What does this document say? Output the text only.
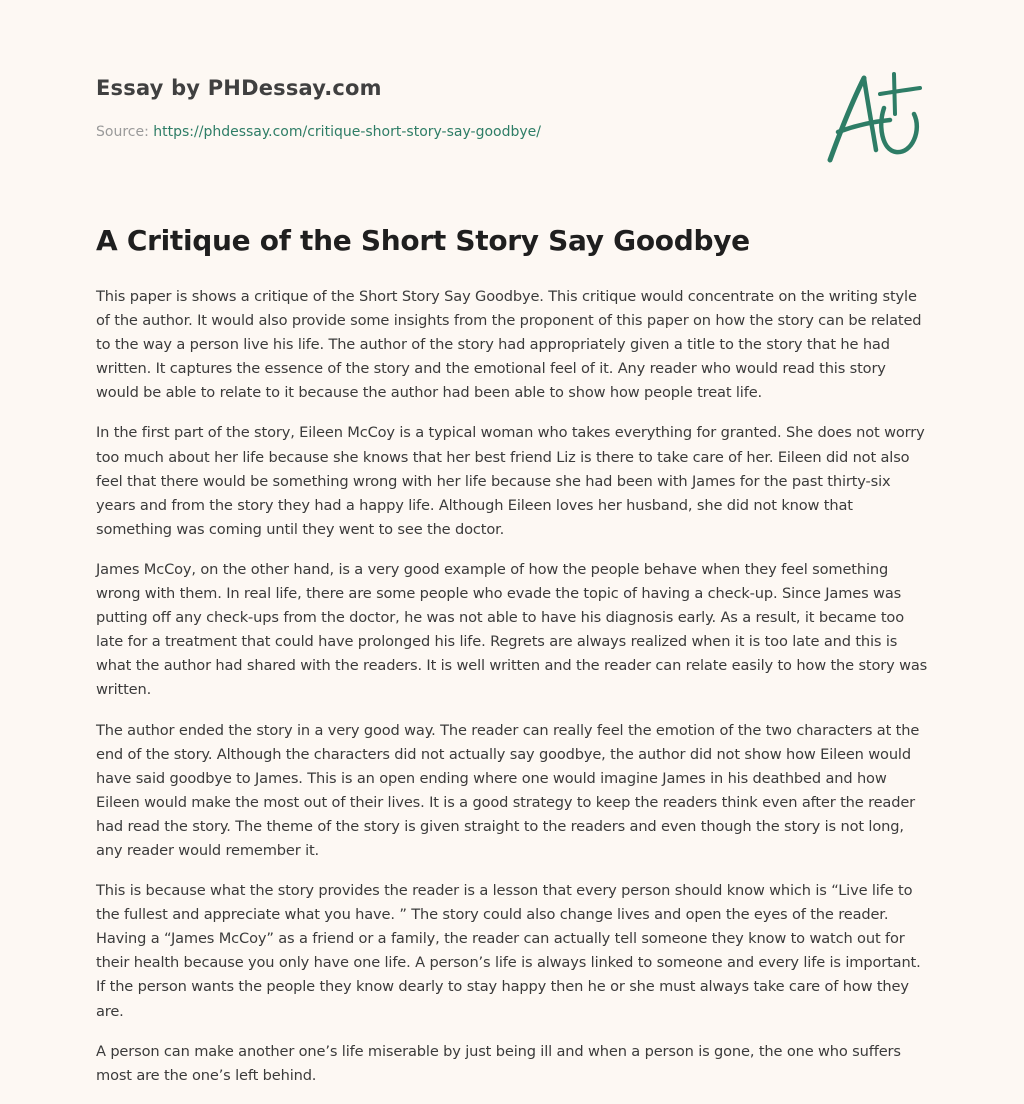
Essay by PHDessay.com

Source: https://phdessay.com/critique-short-story-say-goodbye/

A Critique of the Short Story Say Goodbye

This paper is shows a critique of the Short Story Say Goodbye. This critique would concentrate on the writing style of the author. It would also provide some insights from the proponent of this paper on how the story can be related to the way a person live his life. The author of the story had appropriately given a title to the story that he had written. It captures the essence of the story and the emotional feel of it. Any reader who would read this story would be able to relate to it because the author had been able to show how people treat life.

In the first part of the story, Eileen McCoy is a typical woman who takes everything for granted. She does not worry too much about her life because she knows that her best friend Liz is there to take care of her. Eileen did not also feel that there would be something wrong with her life because she had been with James for the past thirty-six years and from the story they had a happy life. Although Eileen loves her husband, she did not know that something was coming until they went to see the doctor.

James McCoy, on the other hand, is a very good example of how the people behave when they feel something wrong with them. In real life, there are some people who evade the topic of having a check-up. Since James was putting off any check-ups from the doctor, he was not able to have his diagnosis early. As a result, it became too late for a treatment that could have prolonged his life. Regrets are always realized when it is too late and this is what the author had shared with the readers. It is well written and the reader can relate easily to how the story was written.

The author ended the story in a very good way. The reader can really feel the emotion of the two characters at the end of the story. Although the characters did not actually say goodbye, the author did not show how Eileen would have said goodbye to James. This is an open ending where one would imagine James in his deathbed and how Eileen would make the most out of their lives. It is a good strategy to keep the readers think even after the reader had read the story. The theme of the story is given straight to the readers and even though the story is not long, any reader would remember it.

This is because what the story provides the reader is a lesson that every person should know which is “Live life to the fullest and appreciate what you have. ” The story could also change lives and open the eyes of the reader. Having a “James McCoy” as a friend or a family, the reader can actually tell someone they know to watch out for their health because you only have one life. A person’s life is always linked to someone and every life is important. If the person wants the people they know dearly to stay happy then he or she must always take care of how they are.

A person can make another one’s life miserable by just being ill and when a person is gone, the one who suffers most are the one’s left behind.
